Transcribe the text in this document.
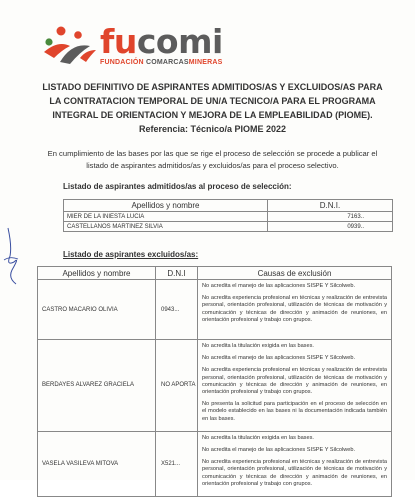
fucomi
FUNDACIÓN COMARCASMINERAS
LISTADO DEFINITIVO DE ASPIRANTES ADMITIDOS/AS Y EXCLUIDOS/AS PARA LA CONTRATACION TEMPORAL DE UN/A TECNICO/A PARA EL PROGRAMA INTEGRAL DE ORIENTACION Y MEJORA DE LA EMPLEABILIDAD (PIOME). Referencia: Técnico/a PIOME 2022
En cumplimiento de las bases por las que se rige el proceso de selección se procede a publicar el listado de aspirantes admitidos/as y excluidos/as para el proceso selectivo.
Listado de aspirantes admitidos/as al proceso de selección:
Apellidos y nombre	D.N.I.
MIER DE LA INIESTA LUCIA	7163..
CASTELLANOS MARTINEZ SILVIA	0939..
Listado de aspirantes excluidos/as:
Apellidos y nombre	D.N.I	Causas de exclusión
CASTRO MACARIO OLIVIA	0943...	No acredita el manejo de las aplicaciones SISPE Y Silcolweb.

No acredita experiencia profesional en técnicas y realización de entrevista personal, orientación profesional, utilización de técnicas de motivación y comunicación y técnicas de dirección y animación de reuniones, en orientación profesional y trabajo con grupos.

BERDAYES ALVAREZ GRACIELA	NO APORTA	No acredita la titulación exigida en las bases.

No acredita el manejo de las aplicaciones SISPE Y Silcolweb.

No acredita experiencia profesional en técnicas y realización de entrevista personal, orientación profesional, utilización de técnicas de motivación y comunicación y técnicas de dirección y animación de reuniones, en orientación profesional y trabajo con grupos.

No presenta la solicitud para participación en el proceso de selección en el modelo establecido en las bases ni la documentación indicada también en las bases.

VASELA VASILEVA MITOVA	X521...	No acredita la titulación exigida en las bases.

No acredita el manejo de las aplicaciones SISPE Y Silcolweb.

No acredita experiencia profesional en técnicas y realización de entrevista personal, orientación profesional, utilización de técnicas de motivación y comunicación y técnicas de dirección y animación de reuniones, en orientación profesional y trabajo con grupos.
